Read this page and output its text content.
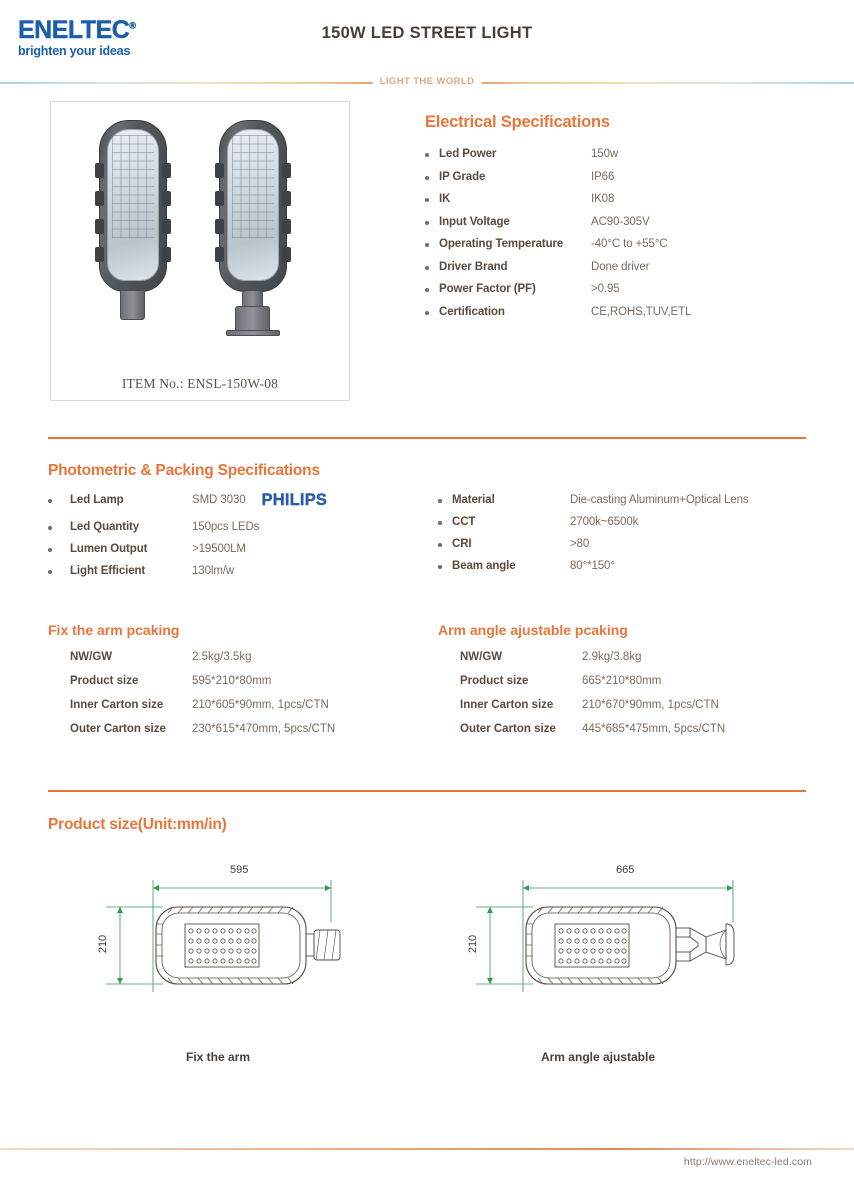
ENELTEC®
brighten your ideas
150W LED STREET LIGHT
LIGHT THE WORLD
ITEM No.: ENSL-150W-08
Electrical Specifications
Led Power	150w
IP Grade	IP66
IK	IK08
Input Voltage	AC90-305V
Operating Temperature	-40°C to +55°C
Driver Brand	Done driver
Power Factor (PF)	>0.95
Certification	CE,ROHS,TUV,ETL
Photometric & Packing Specifications
Led Lamp	SMD 3030 PHILIPS
Led Quantity	150pcs LEDs
Lumen Output	>19500LM
Light Efficient	130lm/w
Material	Die-casting Aluminum+Optical Lens
CCT	2700k~6500k
CRI	>80
Beam angle	80°*150°
Fix the arm pcaking
NW/GW	2.5kg/3.5kg
Product size	595*210*80mm
Inner Carton size	210*605*90mm, 1pcs/CTN
Outer Carton size	230*615*470mm, 5pcs/CTN
Arm angle ajustable pcaking
NW/GW	2.9kg/3.8kg
Product size	665*210*80mm
Inner Carton size	210*670*90mm, 1pcs/CTN
Outer Carton size	445*685*475mm, 5pcs/CTN
Product size(Unit:mm/in)
595
210
Fix the arm
665
210
Arm angle ajustable
http://www.eneltec-led.com
